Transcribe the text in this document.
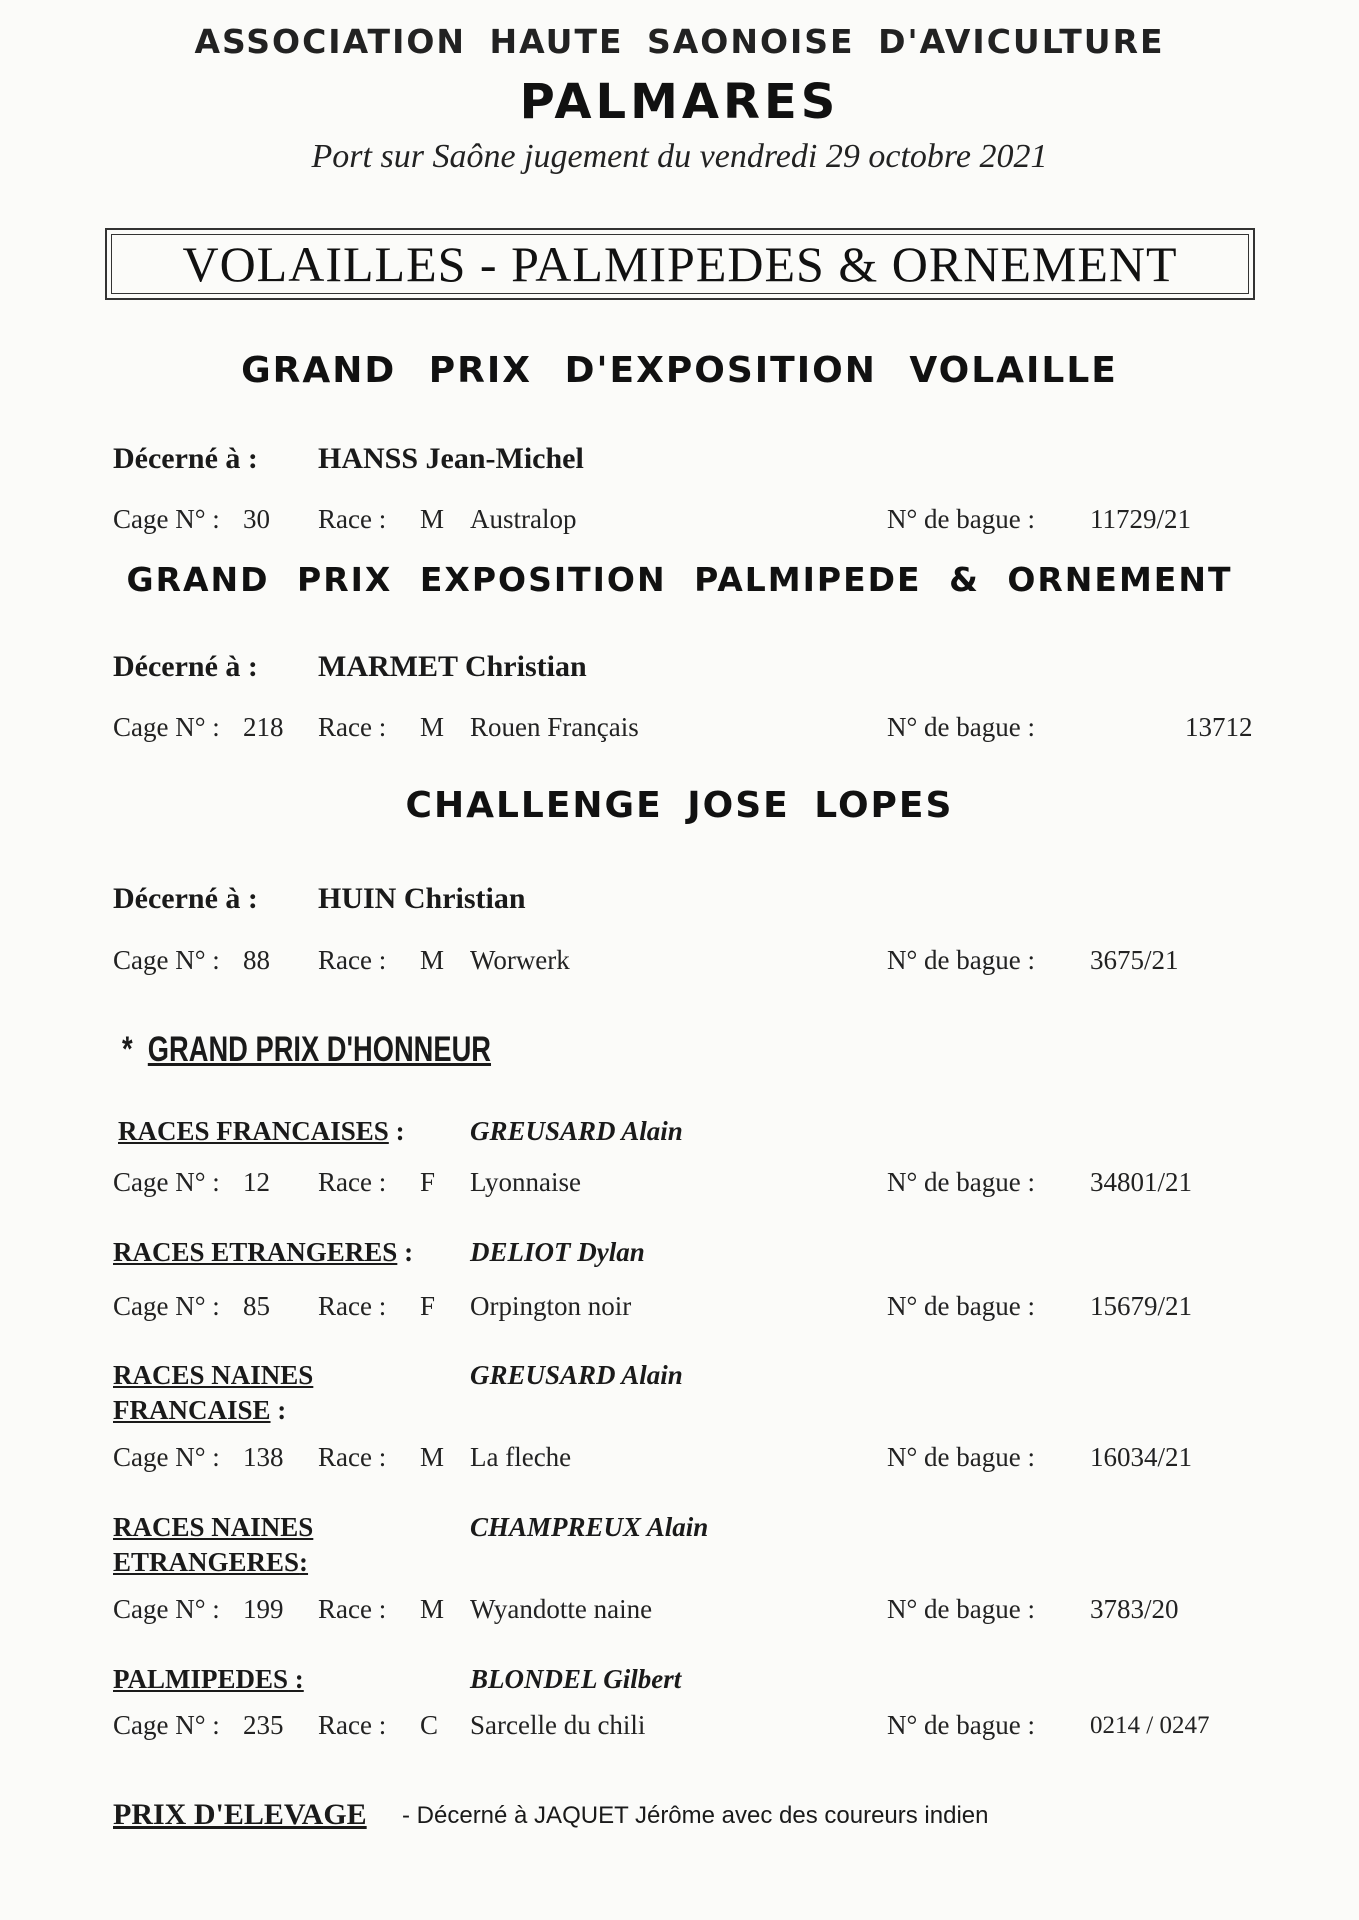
ASSOCIATION HAUTE SAONOISE D'AVICULTURE
PALMARES
Port sur Saône jugement du vendredi 29 octobre 2021
VOLAILLES - PALMIPEDES & ORNEMENT
GRAND PRIX D'EXPOSITION VOLAILLE
Décerné à : HANSS Jean-Michel
Cage N° : 30 Race : M Australop	N° de bague : 11729/21
GRAND PRIX EXPOSITION PALMIPEDE & ORNEMENT
Décerné à : MARMET Christian
Cage N° : 218 Race : M Rouen Français	N° de bague :	13712
CHALLENGE JOSE LOPES
Décerné à : HUIN Christian
Cage N° : 88 Race : M Worwerk	N° de bague : 3675/21
* GRAND PRIX D'HONNEUR
RACES FRANCAISES : GREUSARD Alain
Cage N° : 12 Race : F Lyonnaise	N° de bague : 34801/21
RACES ETRANGERES : DELIOT Dylan
Cage N° : 85 Race : F Orpington noir	N° de bague : 15679/21
RACES NAINES
FRANCAISE :
GREUSARD Alain
Cage N° : 138 Race : M La fleche	N° de bague : 16034/21
RACES NAINES
ETRANGERES:
CHAMPREUX Alain
Cage N° : 199 Race : M Wyandotte naine	N° de bague : 3783/20
PALMIPEDES :	BLONDEL Gilbert
Cage N° : 235 Race : C Sarcelle du chili	N° de bague : 0214 / 0247
PRIX D'ELEVAGE - Décerné à JAQUET Jérôme avec des coureurs indien
